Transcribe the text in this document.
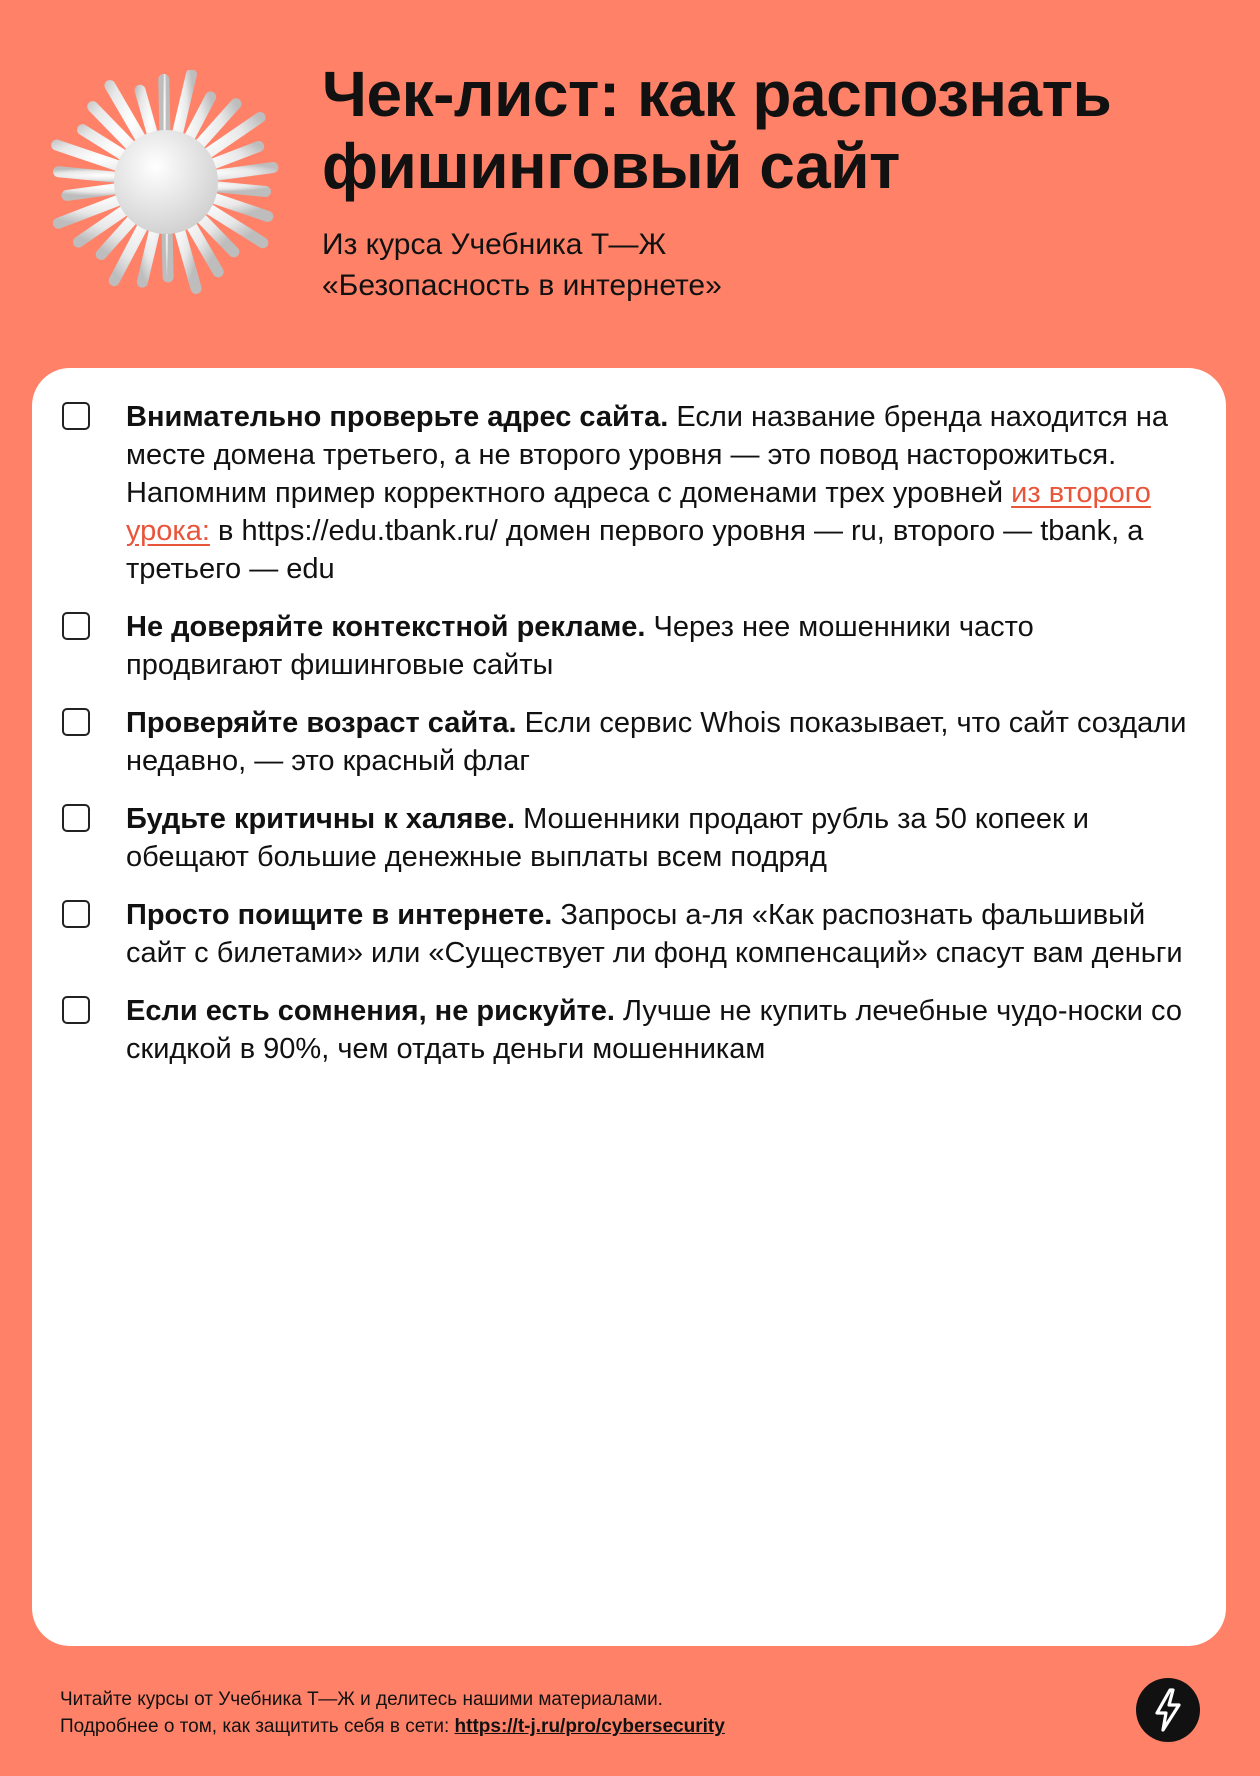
Чек-лист: как распознать
фишинговый сайт
Из курса Учебника Т—Ж
«Безопасность в интернете»
Внимательно проверьте адрес сайта. Если название бренда находится на месте домена третьего, а не второго уровня — это повод насторожиться. Напомним пример корректного адреса с доменами трех уровней из второго урока: в https://edu.tbank.ru/ домен первого уровня — ru, второго — tbank, а третьего — edu
Не доверяйте контекстной рекламе. Через нее мошенники часто продвигают фишинговые сайты
Проверяйте возраст сайта. Если сервис Whois показывает, что сайт создали недавно, — это красный флаг
Будьте критичны к халяве. Мошенники продают рубль за 50 копеек и обещают большие денежные выплаты всем подряд
Просто поищите в интернете. Запросы а-ля «Как распознать фальшивый сайт с билетами» или «Существует ли фонд компенсаций» спасут вам деньги
Если есть сомнения, не рискуйте. Лучше не купить лечебные чудо-носки со скидкой в 90%, чем отдать деньги мошенникам
Читайте курсы от Учебника Т—Ж и делитесь нашими материалами.
Подробнее о том, как защитить себя в сети: https://t-j.ru/pro/cybersecurity
